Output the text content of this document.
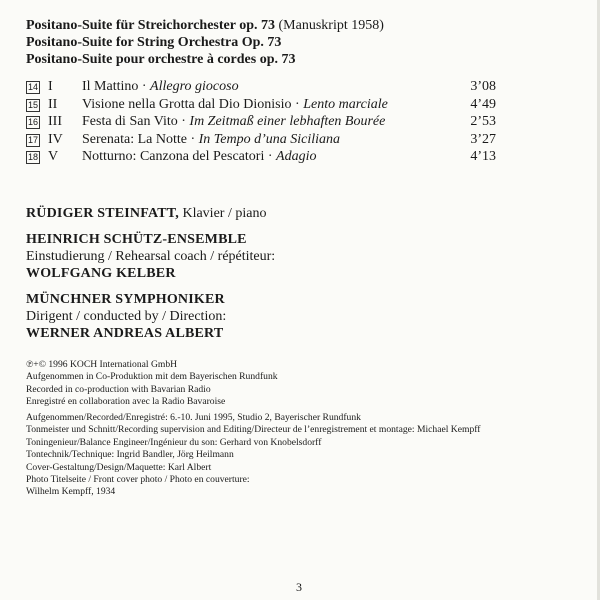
Positano-Suite für Streichorchester op. 73 (Manuskript 1958)
Positano-Suite for String Orchestra Op. 73
Positano-Suite pour orchestre à cordes op. 73
14 I Il Mattino · Allegro giocoso	3’08
15 II Visione nella Grotta dal Dio Dionisio · Lento marciale	4’49
16 III Festa di San Vito · Im Zeitmaß einer lebhaften Bourée	2’53
17 IV Serenata: La Notte · In Tempo d’una Siciliana	3’27
18 V Notturno: Canzona del Pescatori · Adagio	4’13
RÜDIGER STEINFATT, Klavier / piano
HEINRICH SCHÜTZ-ENSEMBLE
Einstudierung / Rehearsal coach / répétiteur:
WOLFGANG KELBER
MÜNCHNER SYMPHONIKER
Dirigent / conducted by / Direction:
WERNER ANDREAS ALBERT
℗+© 1996 KOCH International GmbH
Aufgenommen in Co-Produktion mit dem Bayerischen Rundfunk
Recorded in co-production with Bavarian Radio
Enregistré en collaboration avec la Radio Bavaroise
Aufgenommen/Recorded/Enregistré: 6.-10. Juni 1995, Studio 2, Bayerischer Rundfunk
Tonmeister und Schnitt/Recording supervision and Editing/Directeur de l’enregistrement et montage: Michael Kempff
Toningenieur/Balance Engineer/Ingénieur du son: Gerhard von Knobelsdorff
Tontechnik/Technique: Ingrid Bandler, Jörg Heilmann
Cover-Gestaltung/Design/Maquette: Karl Albert
Photo Titelseite / Front cover photo / Photo en couverture:
Wilhelm Kempff, 1934
3
